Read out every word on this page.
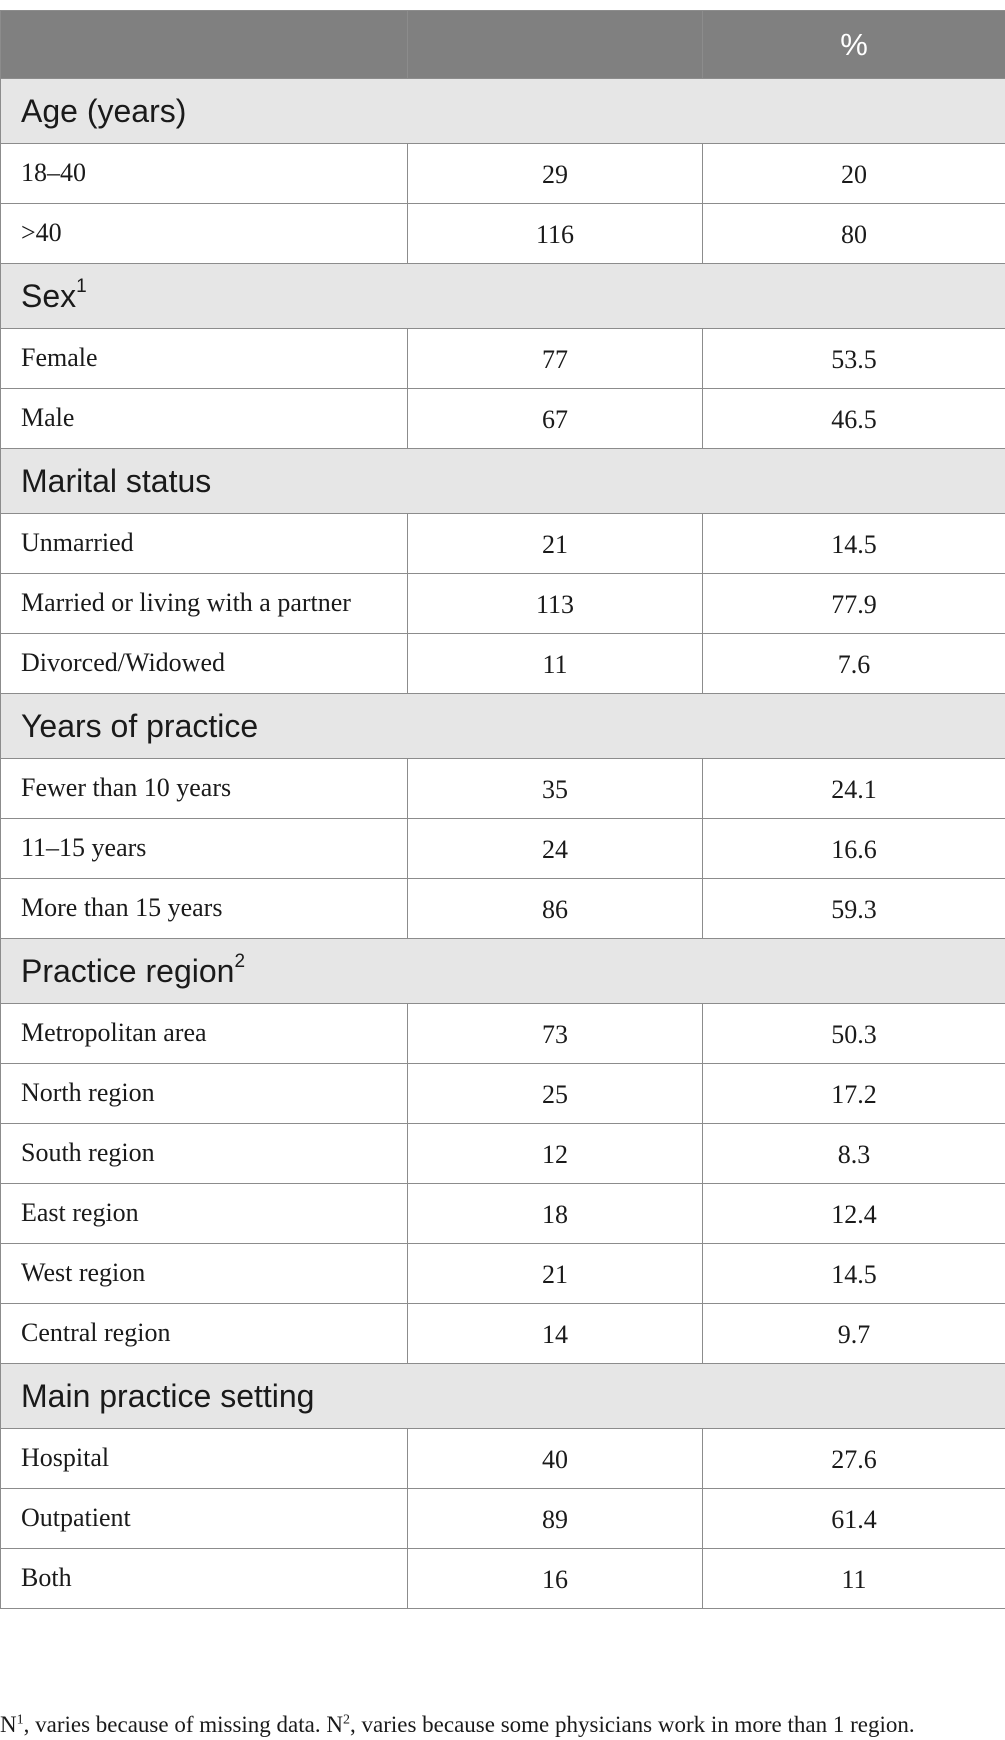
		%
Age (years)		
18–40	29	20
>40	116	80
Sex$^1$
Female	77	53.5
Male	67	46.5
Marital status		
Unmarried	21	14.5
Married or living with a partner	113	77.9
Divorced/Widowed	11	7.6
Years of practice		
Fewer than 10 years	35	24.1
11–15 years	24	16.6
More than 15 years	86	59.3
Practice region$^2$
Metropolitan area	73	50.3
North region	25	17.2
South region	12	8.3
East region	18	12.4
West region	21	14.5
Central region	14	9.7
Main practice setting		
Hospital	40	27.6
Outpatient	89	61.4
Both	16	11
$N^1$, varies because of missing data. $N^2$, varies because some physicians work in more than 1 region.
